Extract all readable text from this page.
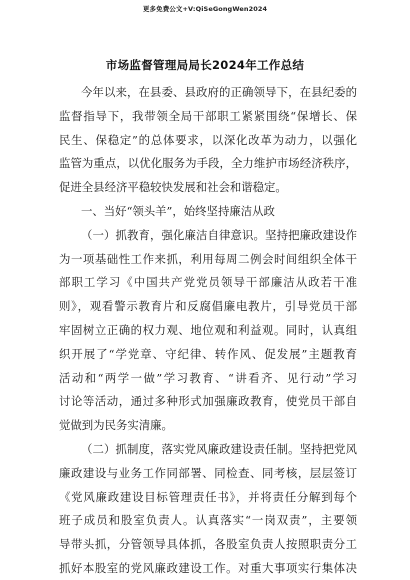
更多免费公文+V:QiSeGongWen2024
市场监督管理局局长2024年工作总结
今年以来，在县委、县政府的正确领导下，在县纪委的
监督指导下，我带领全局干部职工紧紧围绕“保增长、保
民生、保稳定”的总体要求，以深化改革为动力，以强化
监管为重点，以优化服务为手段，全力维护市场经济秩序，
促进全县经济平稳较快发展和社会和谐稳定。
一、当好“领头羊”，始终坚持廉洁从政
（一）抓教育，强化廉洁自律意识。坚持把廉政建设作
为一项基础性工作来抓，利用每周二例会时间组织全体干
部职工学习《中国共产党党员领导干部廉洁从政若干准
则》，观看警示教育片和反腐倡廉电教片，引导党员干部
牢固树立正确的权力观、地位观和利益观。同时，认真组
织开展了“学党章、守纪律、转作风、促发展”主题教育
活动和“两学一做”学习教育、“讲看齐、见行动”学习
讨论等活动，通过多种形式加强廉政教育，使党员干部自
觉做到为民务实清廉。
（二）抓制度，落实党风廉政建设责任制。坚持把党风
廉政建设与业务工作同部署、同检查、同考核，层层签订
《党风廉政建设目标管理责任书》，并将责任分解到每个
班子成员和股室负责人。认真落实“一岗双责”，主要领
导带头抓，分管领导具体抓，各股室负责人按照职责分工
抓好本股室的党风廉政建设工作。对重大事项实行集体决
